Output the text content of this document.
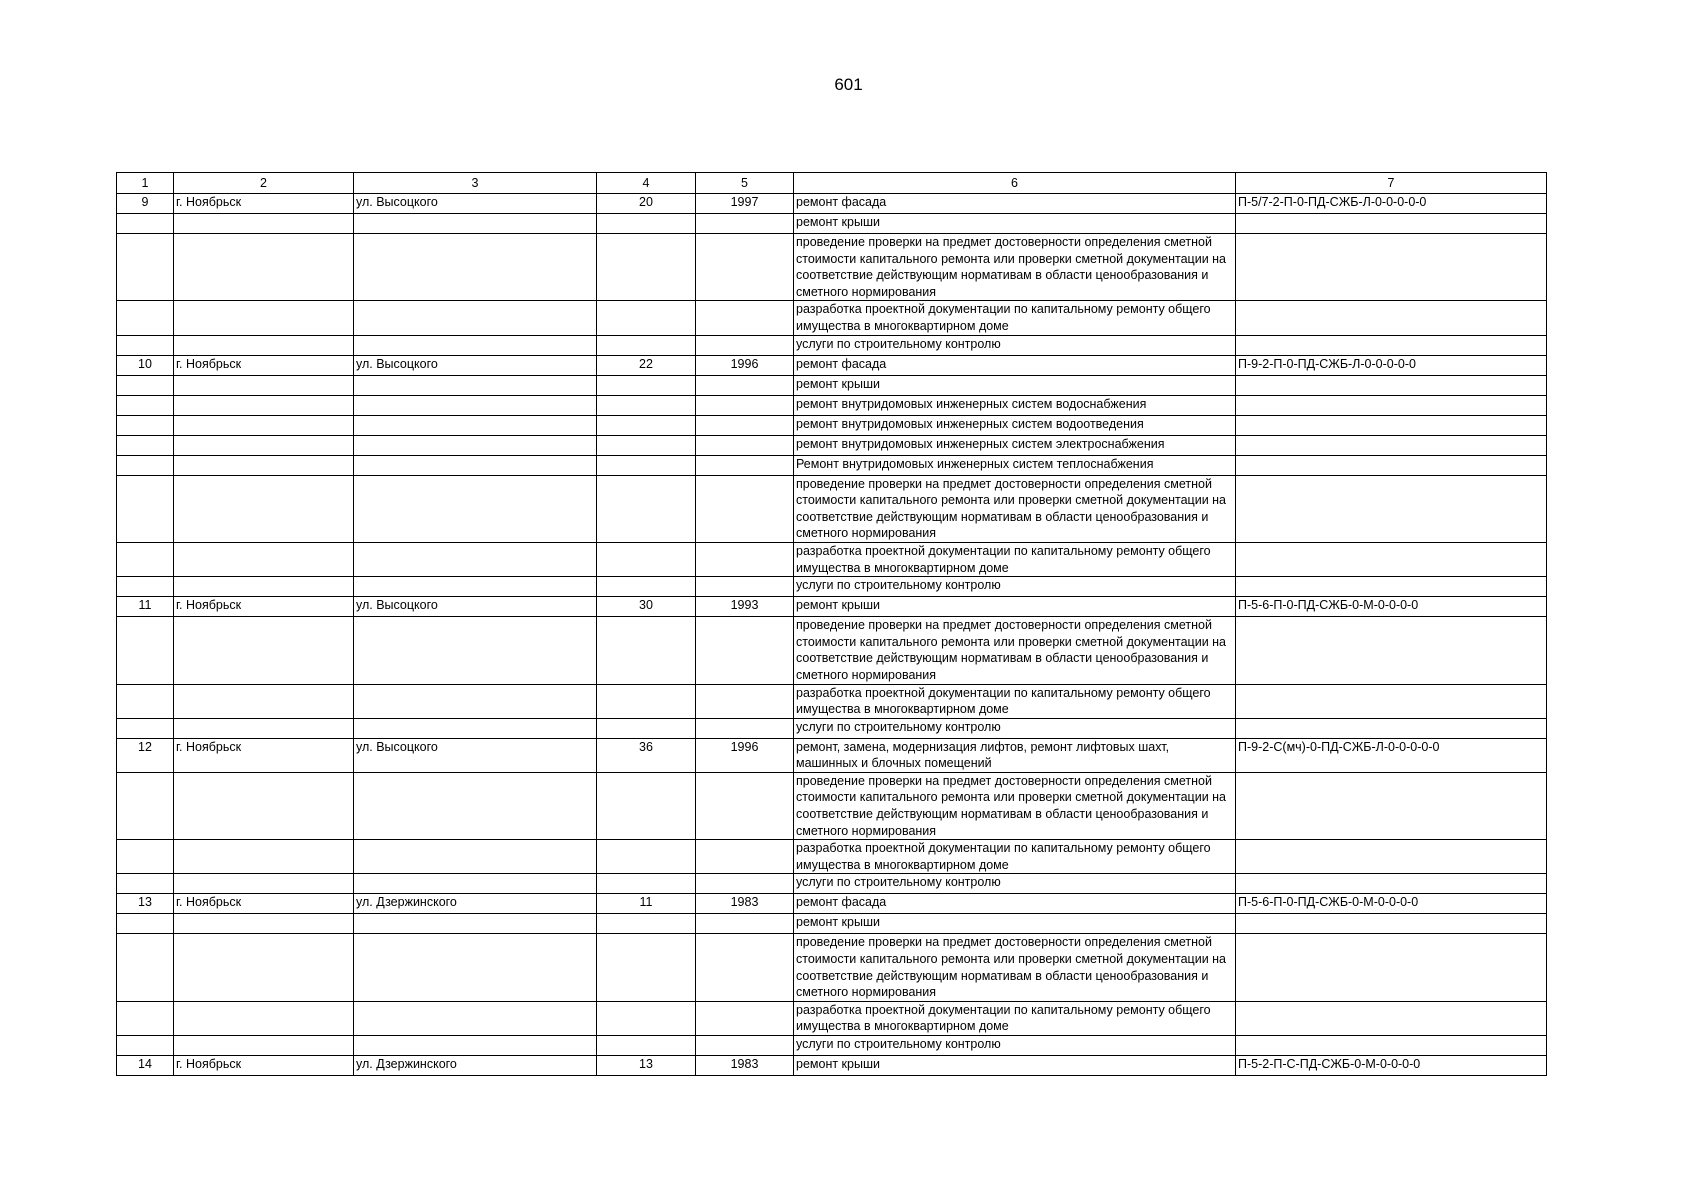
601
1	2	3	4	5	6	7
9	г. Ноябрьск	ул. Высоцкого	20	1997	ремонт фасада	П-5/7-2-П-0-ПД-СЖБ-Л-0-0-0-0-0
					ремонт крыши	
					проведение проверки на предмет достоверности определения сметной стоимости капитального ремонта или проверки сметной документации на соответствие действующим нормативам в области ценообразования и сметного нормирования	
					разработка проектной документации по капитальному ремонту общего имущества в многоквартирном доме	
					услуги по строительному контролю	
10	г. Ноябрьск	ул. Высоцкого	22	1996	ремонт фасада	П-9-2-П-0-ПД-СЖБ-Л-0-0-0-0-0
					ремонт крыши	
					ремонт внутридомовых инженерных систем водоснабжения	
					ремонт внутридомовых инженерных систем водоотведения	
					ремонт внутридомовых инженерных систем электроснабжения	
					Ремонт внутридомовых инженерных систем теплоснабжения	
					проведение проверки на предмет достоверности определения сметной стоимости капитального ремонта или проверки сметной документации на соответствие действующим нормативам в области ценообразования и сметного нормирования	
					разработка проектной документации по капитальному ремонту общего имущества в многоквартирном доме	
					услуги по строительному контролю	
11	г. Ноябрьск	ул. Высоцкого	30	1993	ремонт крыши	П-5-6-П-0-ПД-СЖБ-0-М-0-0-0-0
					проведение проверки на предмет достоверности определения сметной стоимости капитального ремонта или проверки сметной документации на соответствие действующим нормативам в области ценообразования и сметного нормирования	
					разработка проектной документации по капитальному ремонту общего имущества в многоквартирном доме	
					услуги по строительному контролю	
12	г. Ноябрьск	ул. Высоцкого	36	1996	ремонт, замена, модернизация лифтов, ремонт лифтовых шахт, машинных и блочных помещений	П-9-2-С(мч)-0-ПД-СЖБ-Л-0-0-0-0-0
					проведение проверки на предмет достоверности определения сметной стоимости капитального ремонта или проверки сметной документации на соответствие действующим нормативам в области ценообразования и сметного нормирования	
					разработка проектной документации по капитальному ремонту общего имущества в многоквартирном доме	
					услуги по строительному контролю	
13	г. Ноябрьск	ул. Дзержинского	11	1983	ремонт фасада	П-5-6-П-0-ПД-СЖБ-0-М-0-0-0-0
					ремонт крыши	
					проведение проверки на предмет достоверности определения сметной стоимости капитального ремонта или проверки сметной документации на соответствие действующим нормативам в области ценообразования и сметного нормирования	
					разработка проектной документации по капитальному ремонту общего имущества в многоквартирном доме	
					услуги по строительному контролю	
14	г. Ноябрьск	ул. Дзержинского	13	1983	ремонт крыши	П-5-2-П-С-ПД-СЖБ-0-М-0-0-0-0
